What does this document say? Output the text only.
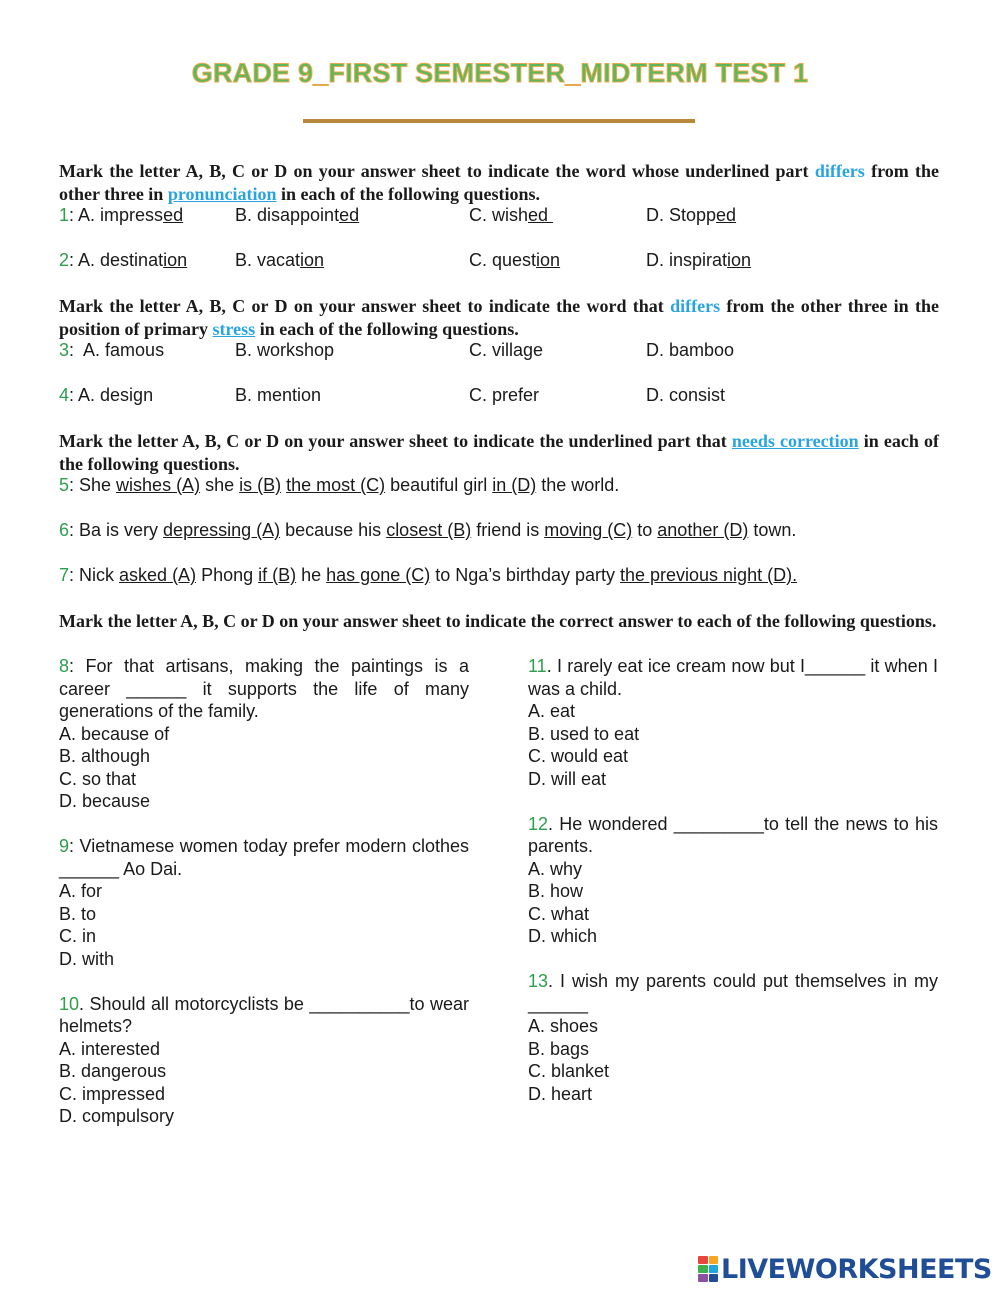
GRADE 9_FIRST SEMESTER_MIDTERM TEST 1
Mark the letter A, B, C or D on your answer sheet to indicate the word whose underlined part differs from the other three in pronunciation in each of the following questions.
1: A. impressed	B. disappointed	C. wished	D. Stopped
2: A. destination	B. vacation	C. question	D. inspiration
Mark the letter A, B, C or D on your answer sheet to indicate the word that differs from the other three in the position of primary stress in each of the following questions.
3:  A. famous	B. workshop	C. village	D. bamboo
4: A. design	B. mention	C. prefer	D. consist
Mark the letter A, B, C or D on your answer sheet to indicate the underlined part that needs correction in each of the following questions.
5: She wishes (A) she is (B) the most (C) beautiful girl in (D) the world.
6: Ba is very depressing (A) because his closest (B) friend is moving (C) to another (D) town.
7: Nick asked (A) Phong if (B) he has gone (C) to Nga’s birthday party the previous night (D).
Mark the letter A, B, C or D on your answer sheet to indicate the correct answer to each of the following questions.
8: For that artisans, making the paintings is a career ______ it supports the life of many generations of the family.
A. because of
B. although
C. so that
D. because
9: Vietnamese women today prefer modern clothes ______ Ao Dai.
A. for
B. to
C. in
D. with
10. Should all motorcyclists be __________to wear helmets?
A. interested
B. dangerous
C. impressed
D. compulsory
11. I rarely eat ice cream now but I______ it when I was a child.
A. eat
B. used to eat
C. would eat
D. will eat
12. He wondered _________to tell the news to his parents.
A. why
B. how
C. what
D. which
13. I wish my parents could put themselves in my ______
A. shoes
B. bags
C. blanket
D. heart
LIVEWORKSHEETS
